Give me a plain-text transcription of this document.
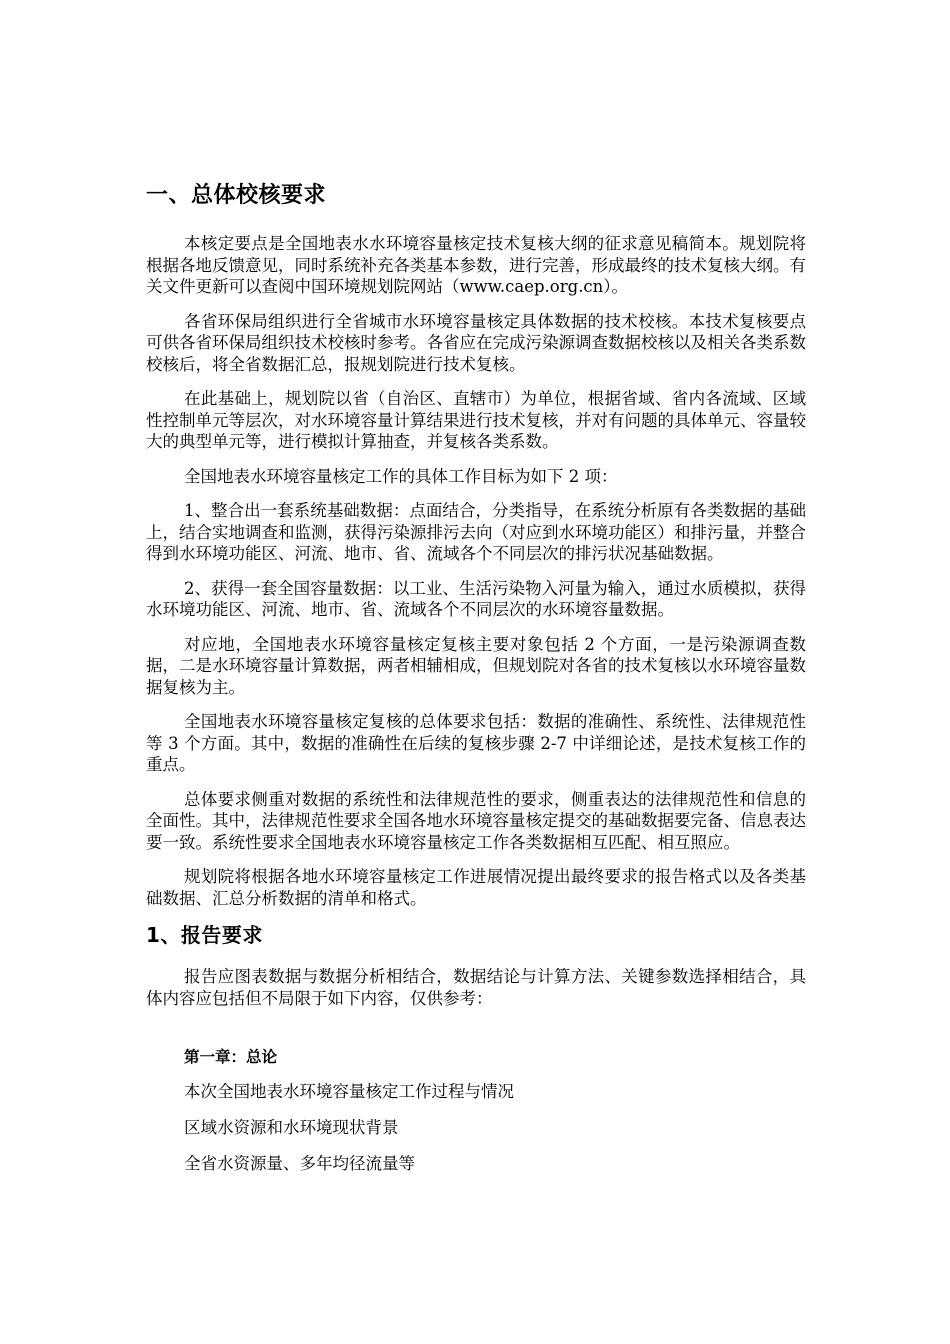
一、总体校核要求

本核定要点是全国地表水水环境容量核定技术复核大纲的征求意见稿简本。规划院将根据各地反馈意见，同时系统补充各类基本参数，进行完善，形成最终的技术复核大纲。有关文件更新可以查阅中国环境规划院网站（www.caep.org.cn）。

各省环保局组织进行全省城市水环境容量核定具体数据的技术校核。本技术复核要点可供各省环保局组织技术校核时参考。各省应在完成污染源调查数据校核以及相关各类系数校核后，将全省数据汇总，报规划院进行技术复核。

在此基础上，规划院以省（自治区、直辖市）为单位，根据省域、省内各流域、区域性控制单元等层次，对水环境容量计算结果进行技术复核，并对有问题的具体单元、容量较大的典型单元等，进行模拟计算抽查，并复核各类系数。

全国地表水环境容量核定工作的具体工作目标为如下 2 项：

1、整合出一套系统基础数据：点面结合，分类指导，在系统分析原有各类数据的基础上，结合实地调查和监测，获得污染源排污去向（对应到水环境功能区）和排污量，并整合得到水环境功能区、河流、地市、省、流域各个不同层次的排污状况基础数据。

2、获得一套全国容量数据：以工业、生活污染物入河量为输入，通过水质模拟，获得水环境功能区、河流、地市、省、流域各个不同层次的水环境容量数据。

对应地，全国地表水环境容量核定复核主要对象包括 2 个方面，一是污染源调查数据，二是水环境容量计算数据，两者相辅相成，但规划院对各省的技术复核以水环境容量数据复核为主。

全国地表水环境容量核定复核的总体要求包括：数据的准确性、系统性、法律规范性等 3 个方面。其中，数据的准确性在后续的复核步骤 2-7 中详细论述，是技术复核工作的重点。

总体要求侧重对数据的系统性和法律规范性的要求，侧重表达的法律规范性和信息的全面性。其中，法律规范性要求全国各地水环境容量核定提交的基础数据要完备、信息表达要一致。系统性要求全国地表水环境容量核定工作各类数据相互匹配、相互照应。

规划院将根据各地水环境容量核定工作进展情况提出最终要求的报告格式以及各类基础数据、汇总分析数据的清单和格式。

1、报告要求

报告应图表数据与数据分析相结合，数据结论与计算方法、关键参数选择相结合，具体内容应包括但不局限于如下内容，仅供参考：

第一章：总论
本次全国地表水环境容量核定工作过程与情况
区域水资源和水环境现状背景
全省水资源量、多年均径流量等
